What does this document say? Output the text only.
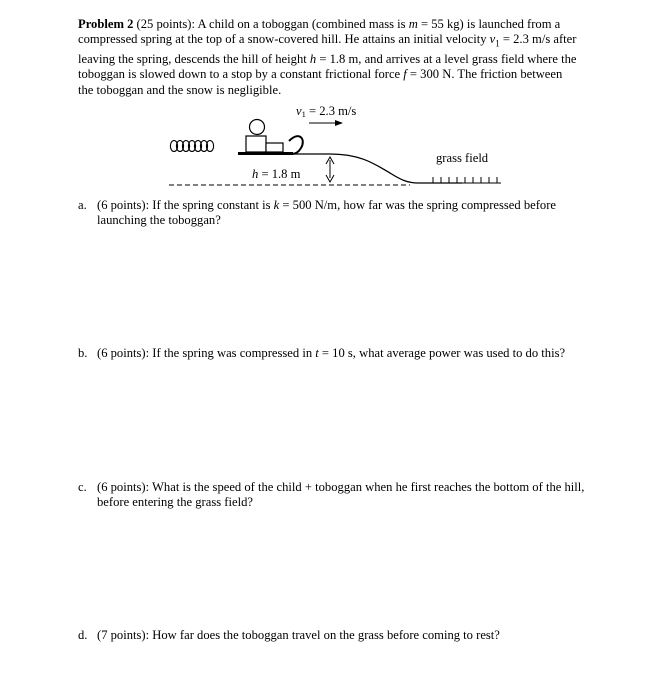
Problem 2 (25 points): A child on a toboggan (combined mass is m = 55 kg) is launched from a compressed spring at the top of a snow-covered hill. He attains an initial velocity $v_1 = 2.3$ m/s after leaving the spring, descends the hill of height h = 1.8 m, and arrives at a level grass field where the toboggan is slowed down to a stop by a constant frictional force f = 300 N. The friction between the toboggan and the snow is negligible.
v1 = 2.3 m/s
h = 1.8 m
grass field
a. (6 points): If the spring constant is k = 500 N/m, how far was the spring compressed before launching the toboggan?
b. (6 points): If the spring was compressed in t = 10 s, what average power was used to do this?
c. (6 points): What is the speed of the child + toboggan when he first reaches the bottom of the hill, before entering the grass field?
d. (7 points): How far does the toboggan travel on the grass before coming to rest?
